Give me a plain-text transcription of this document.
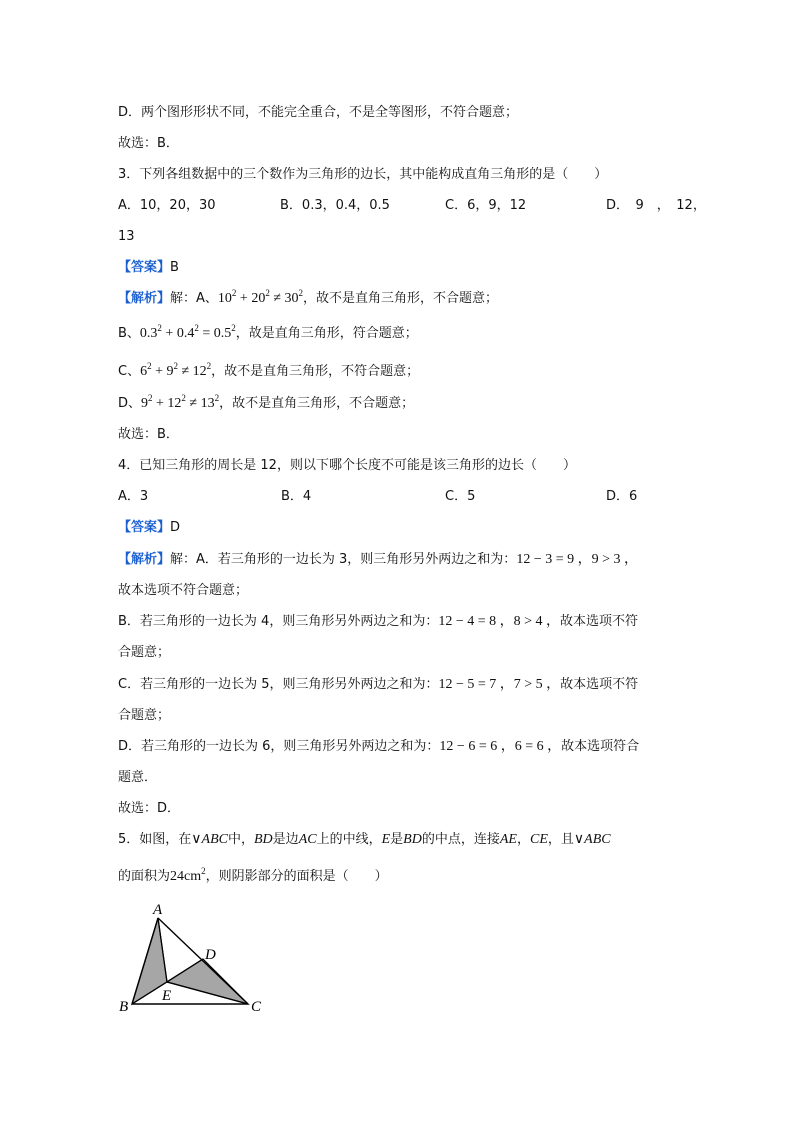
D．两个图形形状不同，不能完全重合，不是全等图形，不符合题意；
故选：B．
3．下列各组数据中的三个数作为三角形的边长，其中能构成直角三角形的是（　　）
A．10，20，30	B．0.3，0.4，0.5	C．6，9，12	D．　9　，　12，
13
【答案】B
【解析】解：A、$10^2 + 20^2 \ne 30^2$，故不是直角三角形，不合题意；
B、$0.3^2 + 0.4^2 = 0.5^2$，故是直角三角形，符合题意；
C、$6^2 + 9^2 \ne 12^2$，故不是直角三角形，不符合题意；
D、$9^2 + 12^2 \ne 13^2$，故不是直角三角形，不合题意；
故选：B．
4．已知三角形的周长是 12，则以下哪个长度不可能是该三角形的边长（　　）
A．3	B．4	C．5	D．6
【答案】D
【解析】解：A．若三角形的一边长为 3，则三角形另外两边之和为：12 − 3 = 9 ，9 > 3 ，
故本选项不符合题意；
B．若三角形的一边长为 4，则三角形另外两边之和为：12 − 4 = 8 ，8 > 4 ，故本选项不符
合题意；
C．若三角形的一边长为 5，则三角形另外两边之和为：12 − 5 = 7 ，7 > 5 ，故本选项不符
合题意；
D．若三角形的一边长为 6，则三角形另外两边之和为：12 − 6 = 6 ，6 = 6 ，故本选项符合
题意．
故选：D．
5．如图，在∨ABC中，BD是边AC上的中线，E是BD的中点，连接AE，CE，且∨ABC
的面积为$24cm^2$，则阴影部分的面积是（　　）
A
B	C
D
E
